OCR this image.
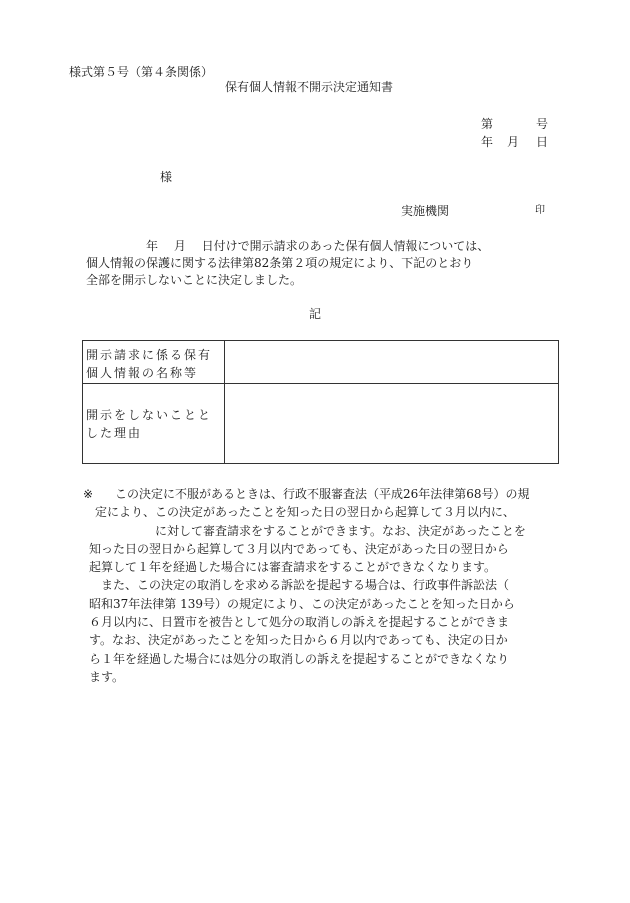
様式第５号（第４条関係）
保有個人情報不開示決定通知書
第	号
年 月 日
様
実施機関	印
　　　　　年　 月　 日付けで開示請求のあった保有個人情報については、
個人情報の保護に関する法律第82条第２項の規定により、下記のとおり
全部を開示しないことに決定しました。
記
開示請求に係る保有
個人情報の名称等
開示をしないことと
した理由
※ 　この決定に不服があるときは、行政不服審査法（平成26年法律第68号）の規
定により、この決定があったことを知った日の翌日から起算して３月以内に、
　　　　　に対して審査請求をすることができます。なお、決定があったことを
知った日の翌日から起算して３月以内であっても、決定があった日の翌日から
起算して１年を経過した場合には審査請求をすることができなくなります。
　また、この決定の取消しを求める訴訟を提起する場合は、行政事件訴訟法（
昭和37年法律第 139号）の規定により、この決定があったことを知った日から
６月以内に、日置市を被告として処分の取消しの訴えを提起することができま
す。なお、決定があったことを知った日から６月以内であっても、決定の日か
ら１年を経過した場合には処分の取消しの訴えを提起することができなくなり
ます。
